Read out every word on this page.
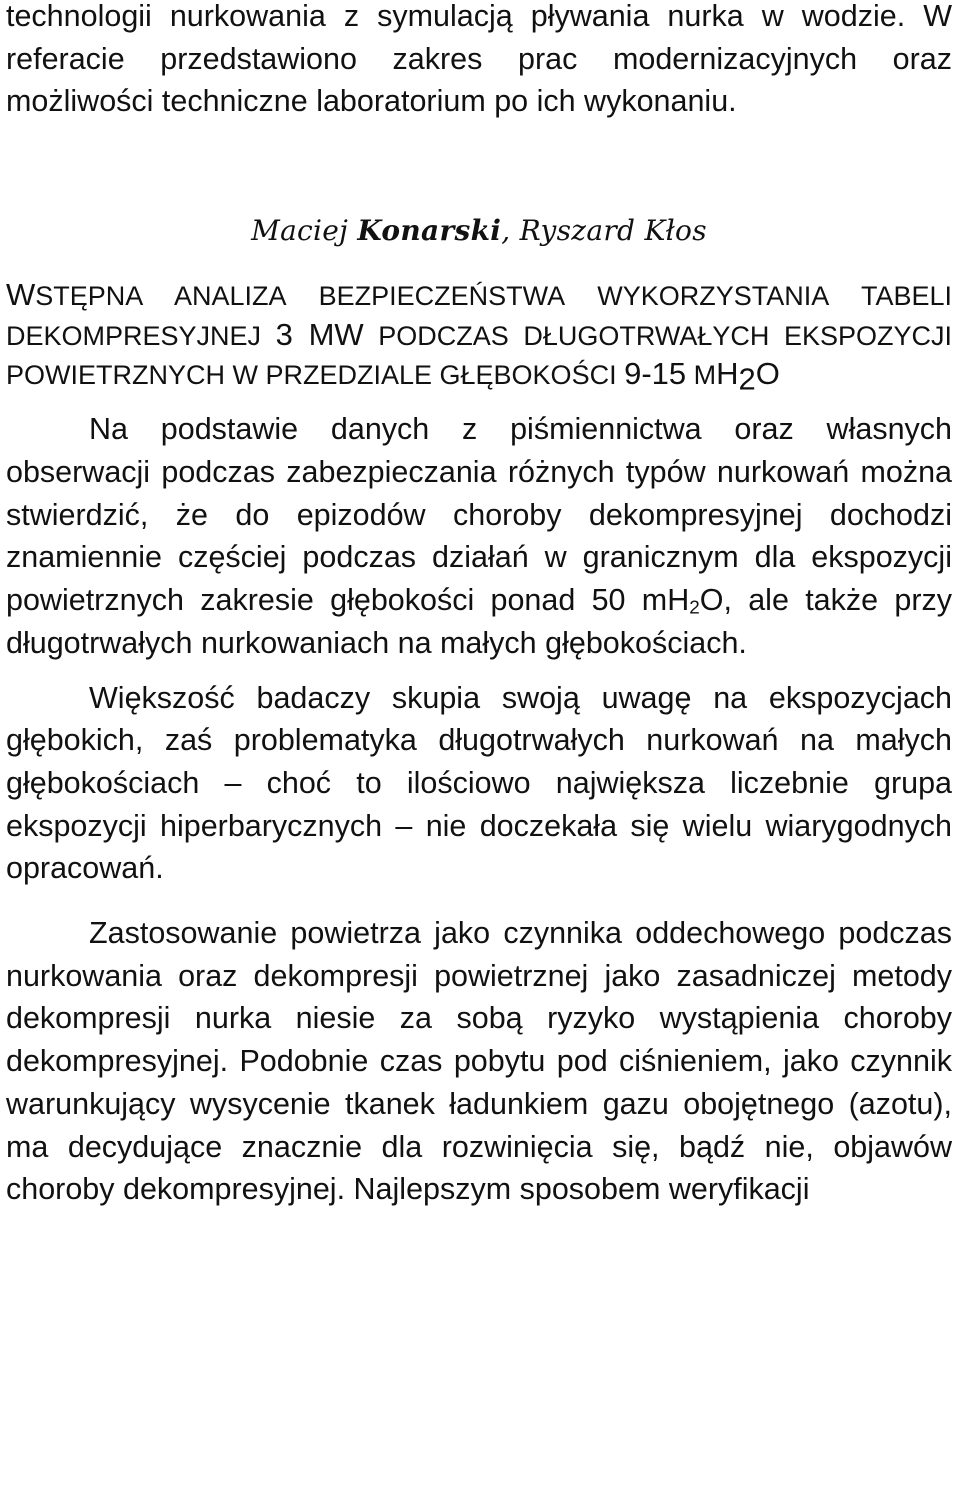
technologii nurkowania z symulacją pływania nurka w wodzie. W referacie przedstawiono zakres prac modernizacyjnych oraz możliwości techniczne laboratorium po ich wykonaniu.

Maciej Konarski, Ryszard Kłos
WSTĘPNA ANALIZA BEZPIECZEŃSTWA WYKORZYSTANIA TABELI DEKOMPRESYJNEJ 3 MW PODCZAS DŁUGOTRWAŁYCH EKSPOZYCJI POWIETRZNYCH W PRZEDZIALE GŁĘBOKOŚCI 9-15 MH2O

Na podstawie danych z piśmiennictwa oraz własnych obserwacji podczas zabezpieczania różnych typów nurkowań można stwierdzić, że do epizodów choroby dekompresyjnej dochodzi znamiennie częściej podczas działań w granicznym dla ekspozycji powietrznych zakresie głębokości ponad 50 mH2O, ale także przy długotrwałych nurkowaniach na małych głębokościach.

Większość badaczy skupia swoją uwagę na ekspozycjach głębokich, zaś problematyka długotrwałych nurkowań na małych głębokościach – choć to ilościowo największa liczebnie grupa ekspozycji hiperbarycznych – nie doczekała się wielu wiarygodnych opracowań.

Zastosowanie powietrza jako czynnika oddechowego podczas nurkowania oraz dekompresji powietrznej jako zasadniczej metody dekompresji nurka niesie za sobą ryzyko wystąpienia choroby dekompresyjnej. Podobnie czas pobytu pod ciśnieniem, jako czynnik warunkujący wysycenie tkanek ładunkiem gazu obojętnego (azotu), ma decydujące znacznie dla rozwinięcia się, bądź nie, objawów choroby dekompresyjnej. Najlepszym sposobem weryfikacji
